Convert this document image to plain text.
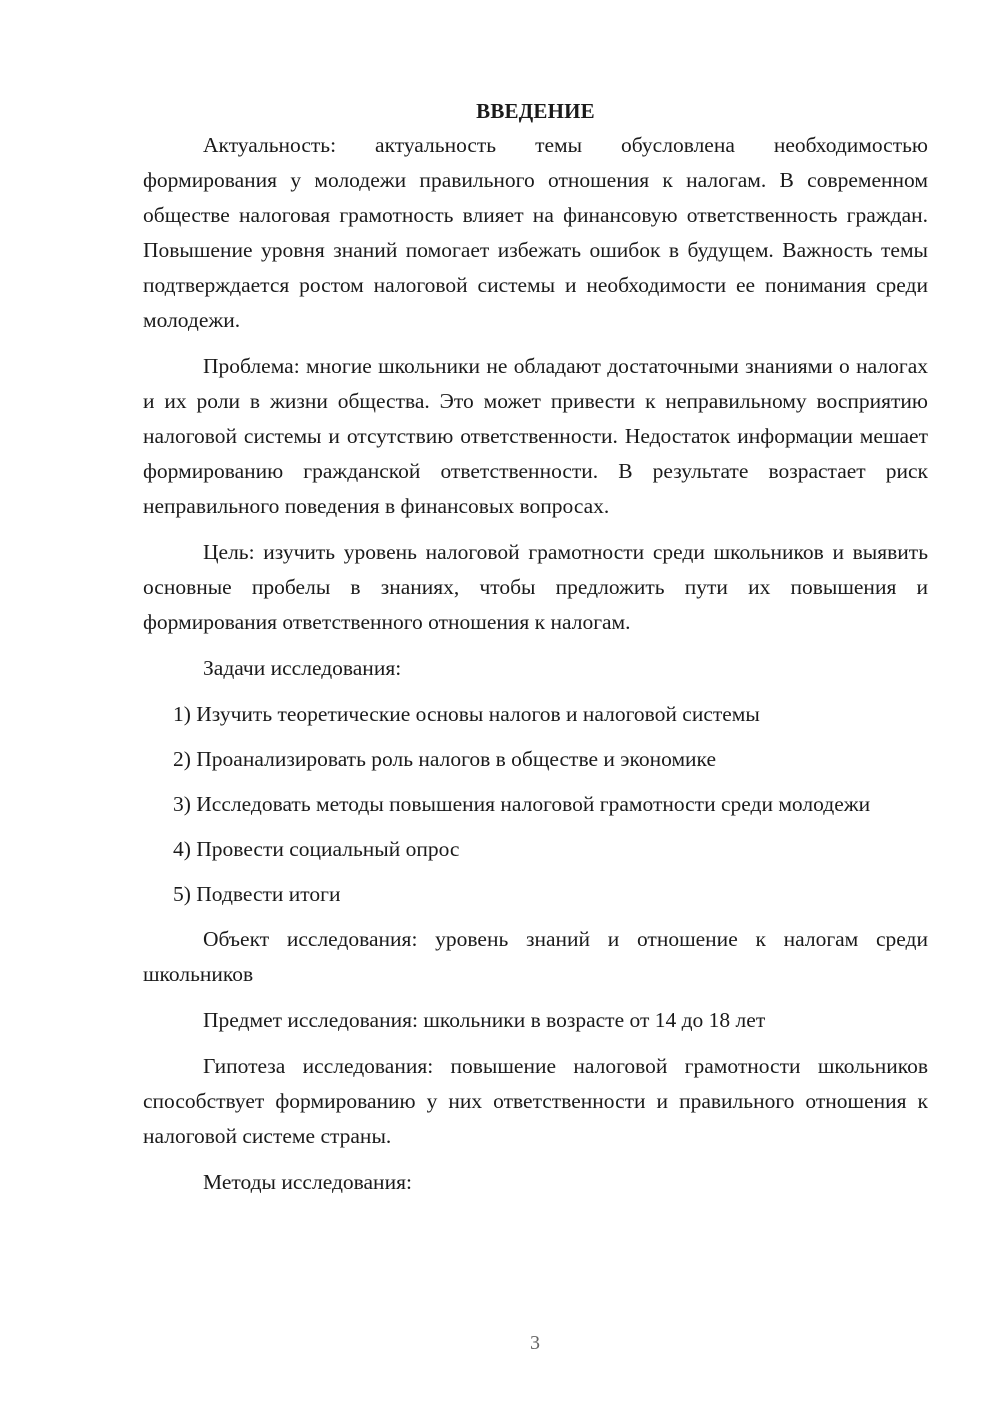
ВВЕДЕНИЕ

Актуальность: актуальность темы обусловлена необходимостью формирования у молодежи правильного отношения к налогам. В современном обществе налоговая грамотность влияет на финансовую ответственность граждан. Повышение уровня знаний помогает избежать ошибок в будущем. Важность темы подтверждается ростом налоговой системы и необходимости ее понимания среди молодежи.

Проблема: многие школьники не обладают достаточными знаниями о налогах и их роли в жизни общества. Это может привести к неправильному восприятию налоговой системы и отсутствию ответственности. Недостаток информации мешает формированию гражданской ответственности. В результате возрастает риск неправильного поведения в финансовых вопросах.

Цель: изучить уровень налоговой грамотности среди школьников и выявить основные пробелы в знаниях, чтобы предложить пути их повышения и формирования ответственного отношения к налогам.

Задачи исследования:

1) Изучить теоретические основы налогов и налоговой системы

2) Проанализировать роль налогов в обществе и экономике

3) Исследовать методы повышения налоговой грамотности среди молодежи

4) Провести социальный опрос

5) Подвести итоги

Объект исследования: уровень знаний и отношение к налогам среди школьников

Предмет исследования: школьники в возрасте от 14 до 18 лет

Гипотеза исследования: повышение налоговой грамотности школьников способствует формированию у них ответственности и правильного отношения к налоговой системе страны.

Методы исследования:

3
